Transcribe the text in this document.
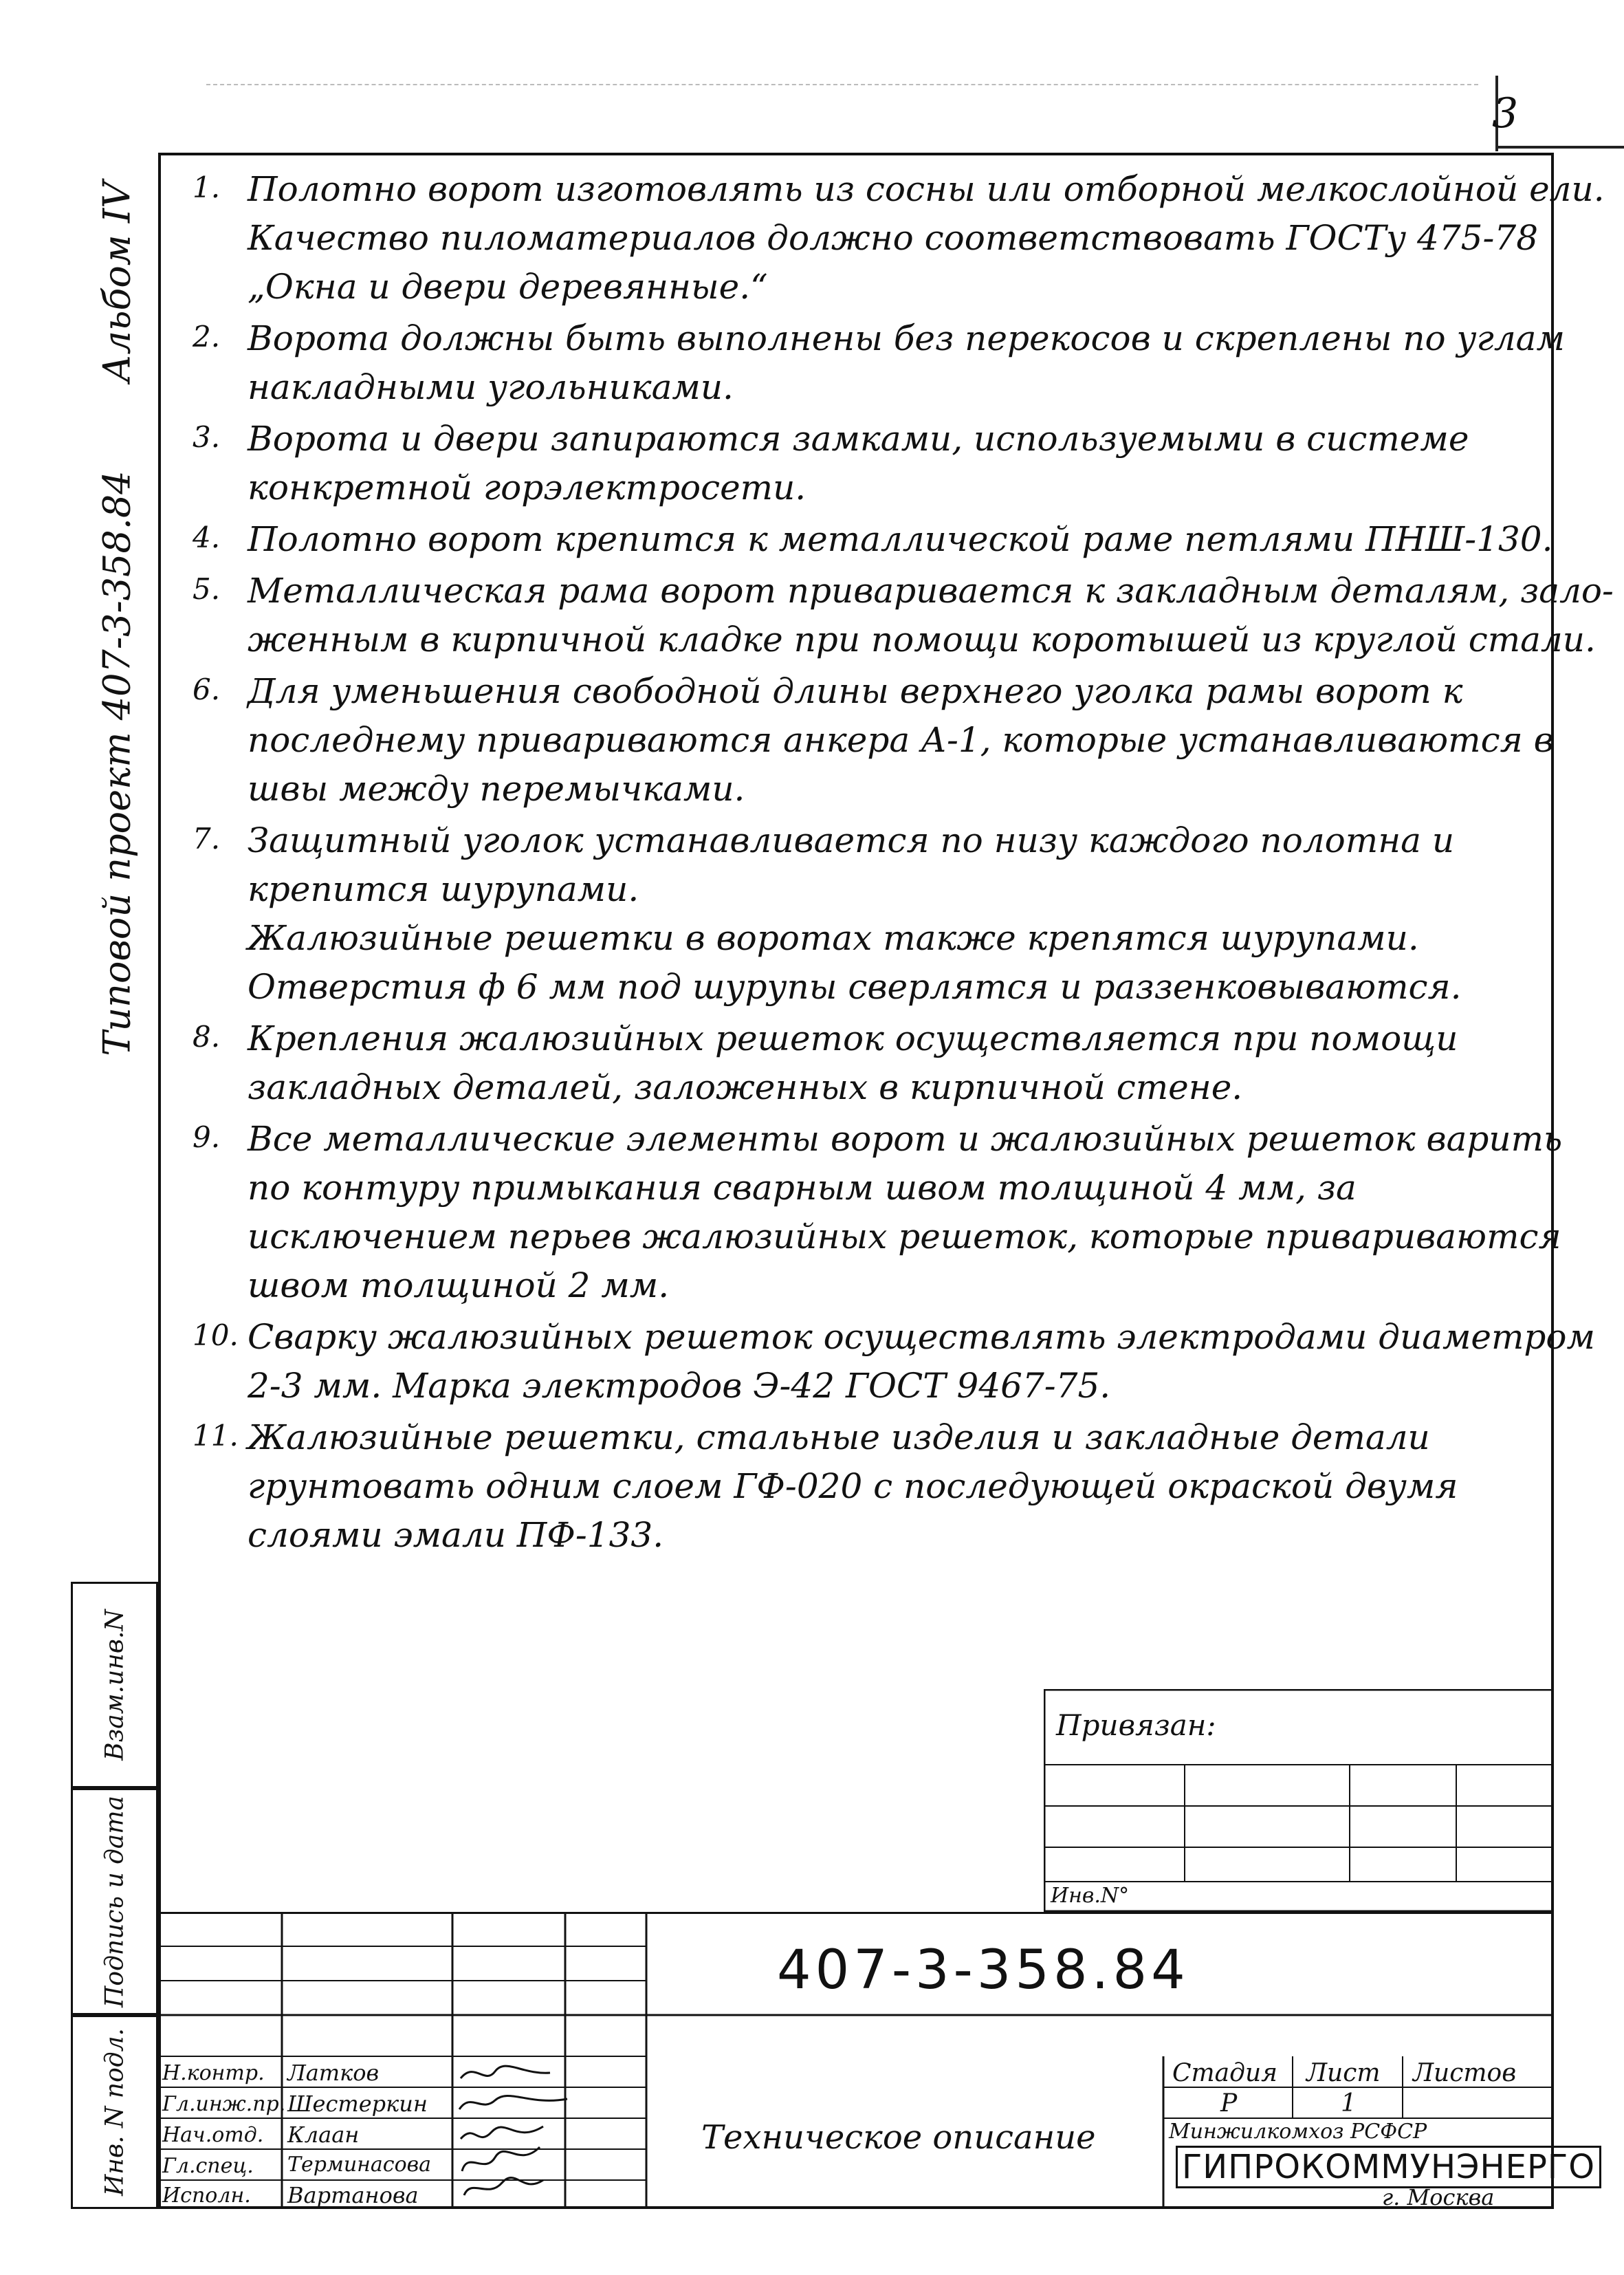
3
Типовой проект 407-3-358.84
Альбом IV
Взам.инв.N
Подпись и дата
Инв. N подл.
1. Полотно ворот изготовлять из сосны или отборной мелкослойной ели.
Качество пиломатериалов должно соответствовать ГОСТу 475-78
„Окна и двери деревянные.“
2. Ворота должны быть выполнены без перекосов и скреплены по углам
накладными угольниками.
3. Ворота и двери запираются замками, используемыми в системе
конкретной горэлектросети.
4. Полотно ворот крепится к металлической раме петлями ПНШ-130.
5. Металлическая рама ворот приваривается к закладным деталям, зало-
женным в кирпичной кладке при помощи коротышей из круглой стали.
6. Для уменьшения свободной длины верхнего уголка рамы ворот к
последнему привариваются анкера А-1, которые устанавливаются в
швы между перемычками.
7. Защитный уголок устанавливается по низу каждого полотна и
крепится шурупами.
Жалюзийные решетки в воротах также крепятся шурупами.
Отверстия ф 6 мм под шурупы сверлятся и раззенковываются.
8. Крепления жалюзийных решеток осуществляется при помощи
закладных деталей, заложенных в кирпичной стене.
9. Все металлические элементы ворот и жалюзийных решеток варить
по контуру примыкания сварным швом толщиной 4 мм, за
исключением перьев жалюзийных решеток, которые привариваются
швом толщиной 2 мм.
10. Сварку жалюзийных решеток осуществлять электродами диаметром
2-3 мм. Марка электродов Э-42 ГОСТ 9467-75.
11. Жалюзийные решетки, стальные изделия и закладные детали
грунтовать одним слоем ГФ-020 с последующей окраской двумя
слоями эмали ПФ-133.
Привязан:
Инв.N°
407-3-358.84
Техническое описание
Н.контр. Латков
Гл.инж.пр. Шестеркин
Нач.отд. Клаан
Гл.спец. Терминасова
Исполн. Вартанова
Стадия Лист Листов
Р	1
Минжилкомхоз РСФСР
ГИПРОКОММУНЭНЕРГО
г. Москва
